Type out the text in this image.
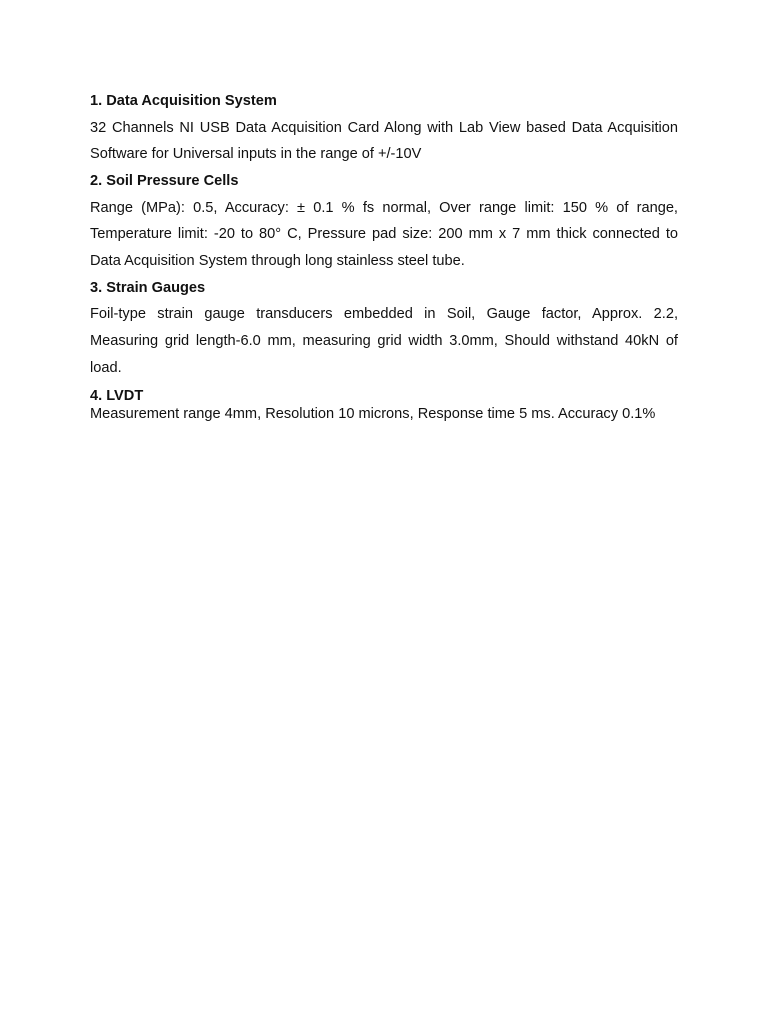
1. Data Acquisition System

32 Channels NI USB Data Acquisition Card Along with Lab View based Data Acquisition
Software for Universal inputs in the range of +/-10V

2. Soil Pressure Cells

Range (MPa): 0.5, Accuracy: ± 0.1 % fs normal, Over range limit: 150 % of range,
Temperature limit: -20 to 80° C, Pressure pad size: 200 mm x 7 mm thick connected to
Data Acquisition System through long stainless steel tube.

3. Strain Gauges

Foil-type strain gauge transducers embedded in Soil, Gauge factor, Approx. 2.2,
Measuring grid length-6.0 mm, measuring grid width 3.0mm, Should withstand 40kN of
load.

4. LVDT

Measurement range 4mm, Resolution 10 microns, Response time 5 ms. Accuracy 0.1%
